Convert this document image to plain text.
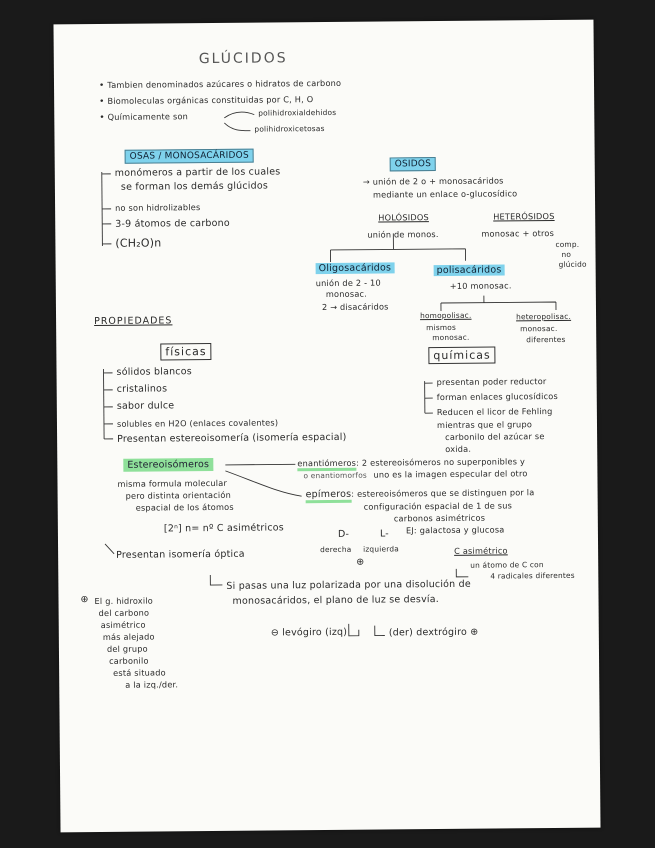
GLÚCIDOS
• Tambien denominados azúcares o hidratos de carbono
• Biomoleculas orgánicas constituidas por C, H, O
• Químicamente son	polihidroxialdehidos
polihidroxicetosas
OSAS / MONOSACÁRIDOS
monómeros a partir de los cuales
se forman los demás glúcidos
no son hidrolizables
3-9 átomos de carbono
(CH₂O)n
OSIDOS
→ unión de 2 o + monosacáridos
mediante un enlace o-glucosídico
HOLÓSIDOS
unión de monos.
HETERÓSIDOS
monosac + otros
comp.
no
glúcido
Oligosacáridos
unión de 2 - 10
monosac.
2 → disacáridos
polisacáridos
+10 monosac.
homopolisac.
mismos
monosac.
heteropolisac.
monosac.
diferentes
PROPIEDADES
físicas	químicas
sólidos blancos
cristalinos
sabor dulce
solubles en H2O (enlaces covalentes)
Presentan estereoisomería (isomería espacial)
presentan poder reductor
forman enlaces glucosídicos
Reducen el licor de Fehling
mientras que el grupo
carbonilo del azúcar se
oxida.
Estereoisómeros
misma formula molecular
pero distinta orientación
espacial de los átomos
[2ⁿ] n= nº C asimétricos
enantiómeros: 2 estereoisómeros no superponibles y
o enantiomorfos uno es la imagen especular del otro
epímeros: estereoisómeros que se distinguen por la
configuración espacial de 1 de sus
carbonos asimétricos
EJ: galactosa y glucosa
D-	L-
derecha izquierda
⊕
C asimétrico
un átomo de C con
4 radicales diferentes
Presentan isomería óptica
Si pasas una luz polarizada por una disolución de
monosacáridos, el plano de luz se desvía.
⊖ levógiro (izq)	(der) dextrógiro ⊕
⊕ El g. hidroxilo
del carbono
asimétrico
más alejado
del grupo
carbonilo
está situado
a la izq./der.
